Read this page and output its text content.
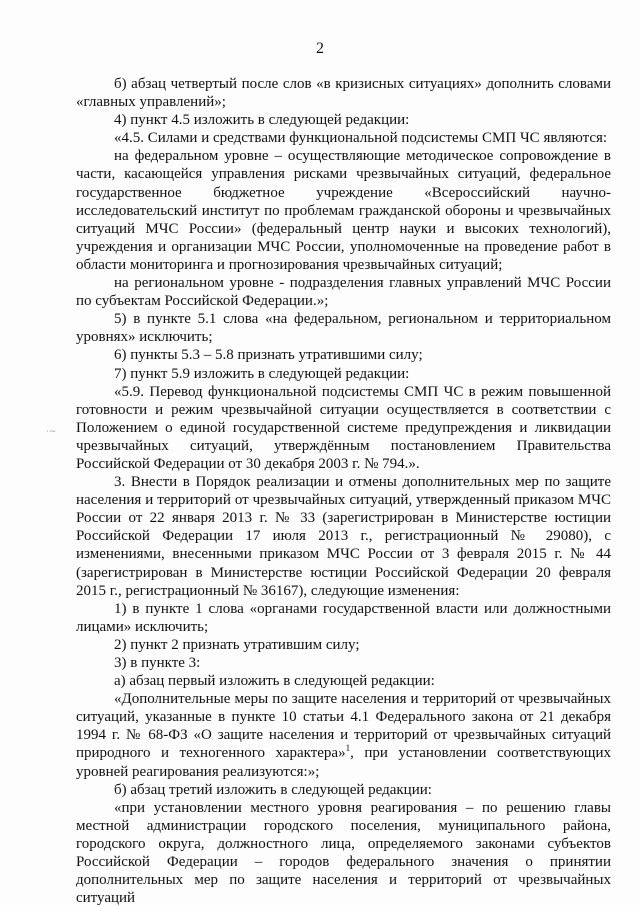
2
·~

б) абзац четвертый после слов «в кризисных ситуациях» дополнить словами «главных управлений»;

4) пункт 4.5 изложить в следующей редакции:

«4.5. Силами и средствами функциональной подсистемы СМП ЧС являются:

на федеральном уровне – осуществляющие методическое сопровождение в части, касающейся управления рисками чрезвычайных ситуаций, федеральное государственное бюджетное учреждение «Всероссийский научно-исследовательский институт по проблемам гражданской обороны и чрезвычайных ситуаций МЧС России» (федеральный центр науки и высоких технологий), учреждения и организации МЧС России, уполномоченные на проведение работ в области мониторинга и прогнозирования чрезвычайных ситуаций;

на региональном уровне - подразделения главных управлений МЧС России по субъектам Российской Федерации.»;

5) в пункте 5.1 слова «на федеральном, региональном и территориальном уровнях» исключить;

6) пункты 5.3 – 5.8 признать утратившими силу;

7) пункт 5.9 изложить в следующей редакции:

«5.9. Перевод функциональной подсистемы СМП ЧС в режим повышенной готовности и режим чрезвычайной ситуации осуществляется в соответствии с Положением о единой государственной системе предупреждения и ликвидации чрезвычайных ситуаций, утверждённым постановлением Правительства Российской Федерации от 30 декабря 2003 г. № 794.».

3. Внести в Порядок реализации и отмены дополнительных мер по защите населения и территорий от чрезвычайных ситуаций, утвержденный приказом МЧС России от 22 января 2013 г. № 33 (зарегистрирован в Министерстве юстиции Российской Федерации 17 июля 2013 г., регистрационный № 29080), с изменениями, внесенными приказом МЧС России от 3 февраля 2015 г. № 44 (зарегистрирован в Министерстве юстиции Российской Федерации 20 февраля 2015 г., регистрационный № 36167), следующие изменения:

1) в пункте 1 слова «органами государственной власти или должностными лицами» исключить;

2) пункт 2 признать утратившим силу;

3) в пункте 3:

а) абзац первый изложить в следующей редакции:

«Дополнительные меры по защите населения и территорий от чрезвычайных ситуаций, указанные в пункте 10 статьи 4.1 Федерального закона от 21 декабря 1994 г. № 68-ФЗ «О защите населения и территорий от чрезвычайных ситуаций природного и техногенного характера»$^1$, при установлении соответствующих уровней реагирования реализуются:»;

б) абзац третий изложить в следующей редакции:

«при установлении местного уровня реагирования – по решению главы местной администрации городского поселения, муниципального района, городского округа, должностного лица, определяемого законами субъектов Российской Федерации – городов федерального значения о принятии дополнительных мер по защите населения и территорий от чрезвычайных ситуаций
